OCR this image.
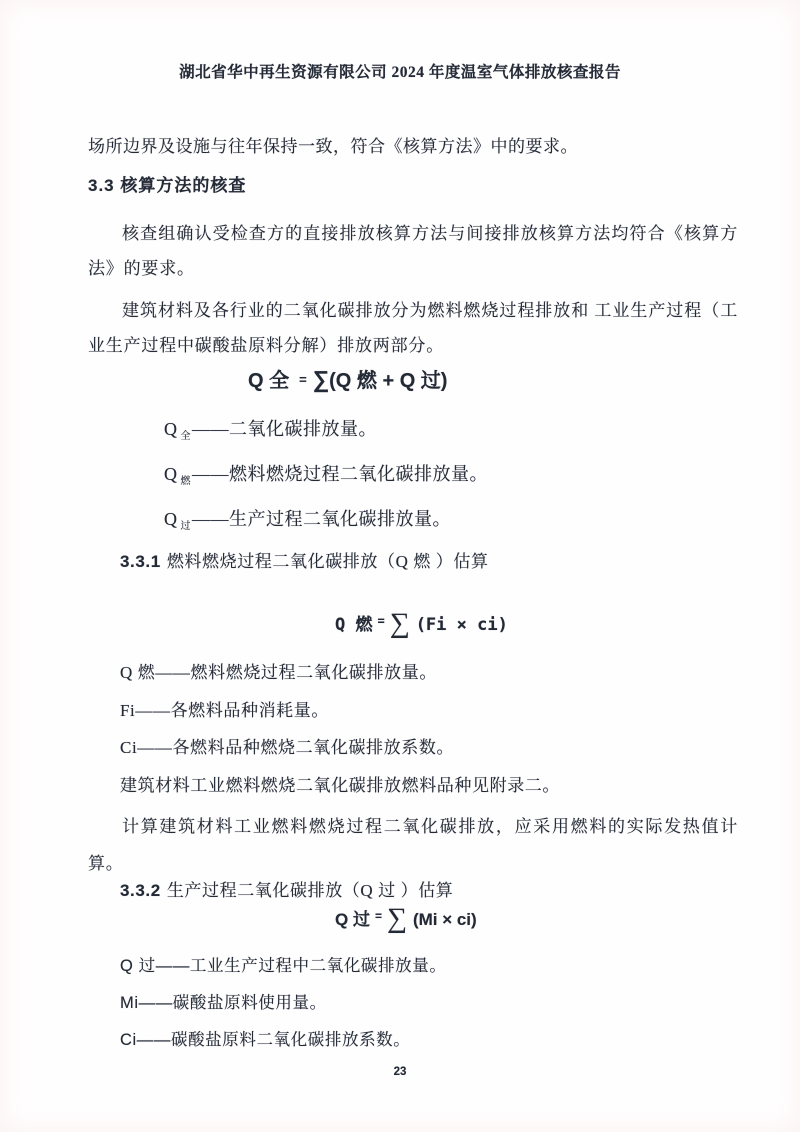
湖北省华中再生资源有限公司 2024 年度温室气体排放核查报告
场所边界及设施与往年保持一致，符合《核算方法》中的要求。
3.3 核算方法的核查

核查组确认受检查方的直接排放核算方法与间接排放核算方法均符合《核算方法》的要求。

建筑材料及各行业的二氧化碳排放分为燃料燃烧过程排放和 工业生产过程（工业生产过程中碳酸盐原料分解）排放两部分。

Q 全 = ∑(Q 燃 + Q 过)
Q $_全$——二氧化碳排放量。
Q $_燃$——燃料燃烧过程二氧化碳排放量。
Q $_过$——生产过程二氧化碳排放量。
3.3.1 燃料燃烧过程二氧化碳排放（Q 燃 ）估算
Q 燃 = ∑ (Fi × ci)

Q 燃——燃料燃烧过程二氧化碳排放量。

Fi——各燃料品种消耗量。

Ci——各燃料品种燃烧二氧化碳排放系数。

建筑材料工业燃料燃烧二氧化碳排放燃料品种见附录二。

计算建筑材料工业燃料燃烧过程二氧化碳排放，应采用燃料的实际发热值计算。

3.3.2 生产过程二氧化碳排放（Q 过 ）估算
Q 过 = ∑ (Mi × ci)

Q 过——工业生产过程中二氧化碳排放量。

Mi——碳酸盐原料使用量。

Ci——碳酸盐原料二氧化碳排放系数。

23
